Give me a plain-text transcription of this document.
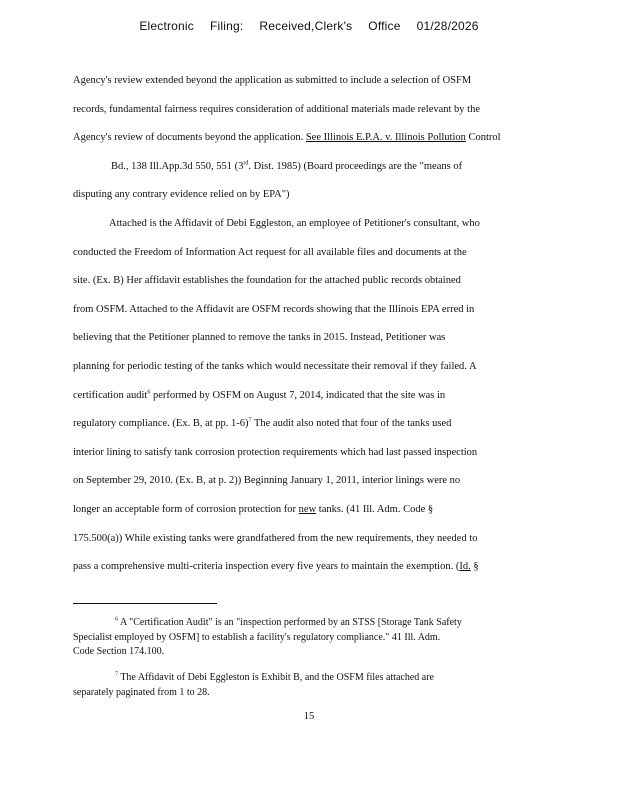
Electronic Filing: Received,Clerk's Office 01/28/2026
Agency's review extended beyond the application as submitted to include a selection of OSFM
records, fundamental fairness requires consideration of additional materials made relevant by the
Agency's review of documents beyond the application. See Illinois E.P.A. v. Illinois Pollution Control
Bd., 138 Ill.App.3d 550, 551 (3rd. Dist. 1985) (Board proceedings are the "means of
disputing any contrary evidence relied on by EPA")
Attached is the Affidavit of Debi Eggleston, an employee of Petitioner's consultant, who
conducted the Freedom of Information Act request for all available files and documents at the
site. (Ex. B) Her affidavit establishes the foundation for the attached public records obtained
from OSFM. Attached to the Affidavit are OSFM records showing that the Illinois EPA erred in
believing that the Petitioner planned to remove the tanks in 2015. Instead, Petitioner was
planning for periodic testing of the tanks which would necessitate their removal if they failed. A
certification audit$^6$ performed by OSFM on August 7, 2014, indicated that the site was in
regulatory compliance. (Ex. B, at pp. 1-6)$^7$ The audit also noted that four of the tanks used
interior lining to satisfy tank corrosion protection requirements which had last passed inspection
on September 29, 2010. (Ex. B, at p. 2)) Beginning January 1, 2011, interior linings were no
longer an acceptable form of corrosion protection for new tanks. (41 Ill. Adm. Code §
175.500(a)) While existing tanks were grandfathered from the new requirements, they needed to
pass a comprehensive multi-criteria inspection every five years to maintain the exemption. (Id. §
$^6$ A "Certification Audit" is an "inspection performed by an STSS [Storage Tank Safety
Specialist employed by OSFM] to establish a facility's regulatory compliance." 41 Ill. Adm.
Code Section 174.100.
$^7$ The Affidavit of Debi Eggleston is Exhibit B, and the OSFM files attached are
separately paginated from 1 to 28.
15
